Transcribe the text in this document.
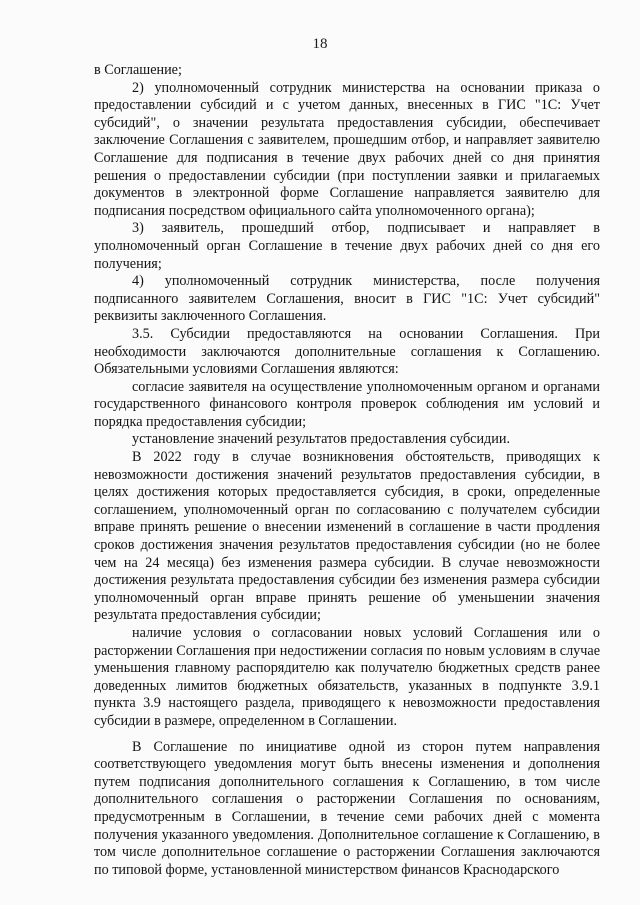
18

в Соглашение;

2) уполномоченный сотрудник министерства на основании приказа о предоставлении субсидий и с учетом данных, внесенных в ГИС "1С: Учет субсидий", о значении результата предоставления субсидии, обеспечивает заключение Соглашения с заявителем, прошедшим отбор, и направляет заявителю Соглашение для подписания в течение двух рабочих дней со дня принятия решения о предоставлении субсидии (при поступлении заявки и прилагаемых документов в электронной форме Соглашение направляется заявителю для подписания посредством официального сайта уполномоченного органа);

3) заявитель, прошедший отбор, подписывает и направляет в уполномоченный орган Соглашение в течение двух рабочих дней со дня его получения;

4) уполномоченный сотрудник министерства, после получения подписанного заявителем Соглашения, вносит в ГИС "1С: Учет субсидий" реквизиты заключенного Соглашения.

3.5. Субсидии предоставляются на основании Соглашения. При необходимости заключаются дополнительные соглашения к Соглашению. Обязательными условиями Соглашения являются:

согласие заявителя на осуществление уполномоченным органом и органами государственного финансового контроля проверок соблюдения им условий и порядка предоставления субсидии;

установление значений результатов предоставления субсидии.

В 2022 году в случае возникновения обстоятельств, приводящих к невозможности достижения значений результатов предоставления субсидии, в целях достижения которых предоставляется субсидия, в сроки, определенные соглашением, уполномоченный орган по согласованию с получателем субсидии вправе принять решение о внесении изменений в соглашение в части продления сроков достижения значения результатов предоставления субсидии (но не более чем на 24 месяца) без изменения размера субсидии. В случае невозможности достижения результата предоставления субсидии без изменения размера субсидии уполномоченный орган вправе принять решение об уменьшении значения результата предоставления субсидии;

наличие условия о согласовании новых условий Соглашения или о расторжении Соглашения при недостижении согласия по новым условиям в случае уменьшения главному распорядителю как получателю бюджетных средств ранее доведенных лимитов бюджетных обязательств, указанных в подпункте 3.9.1 пункта 3.9 настоящего раздела, приводящего к невозможности предоставления субсидии в размере, определенном в Соглашении.

В Соглашение по инициативе одной из сторон путем направления соответствующего уведомления могут быть внесены изменения и дополнения путем подписания дополнительного соглашения к Соглашению, в том числе дополнительного соглашения о расторжении Соглашения по основаниям, предусмотренным в Соглашении, в течение семи рабочих дней с момента получения указанного уведомления. Дополнительное соглашение к Соглашению, в том числе дополнительное соглашение о расторжении Соглашения заключаются по типовой форме, установленной министерством финансов Краснодарского
